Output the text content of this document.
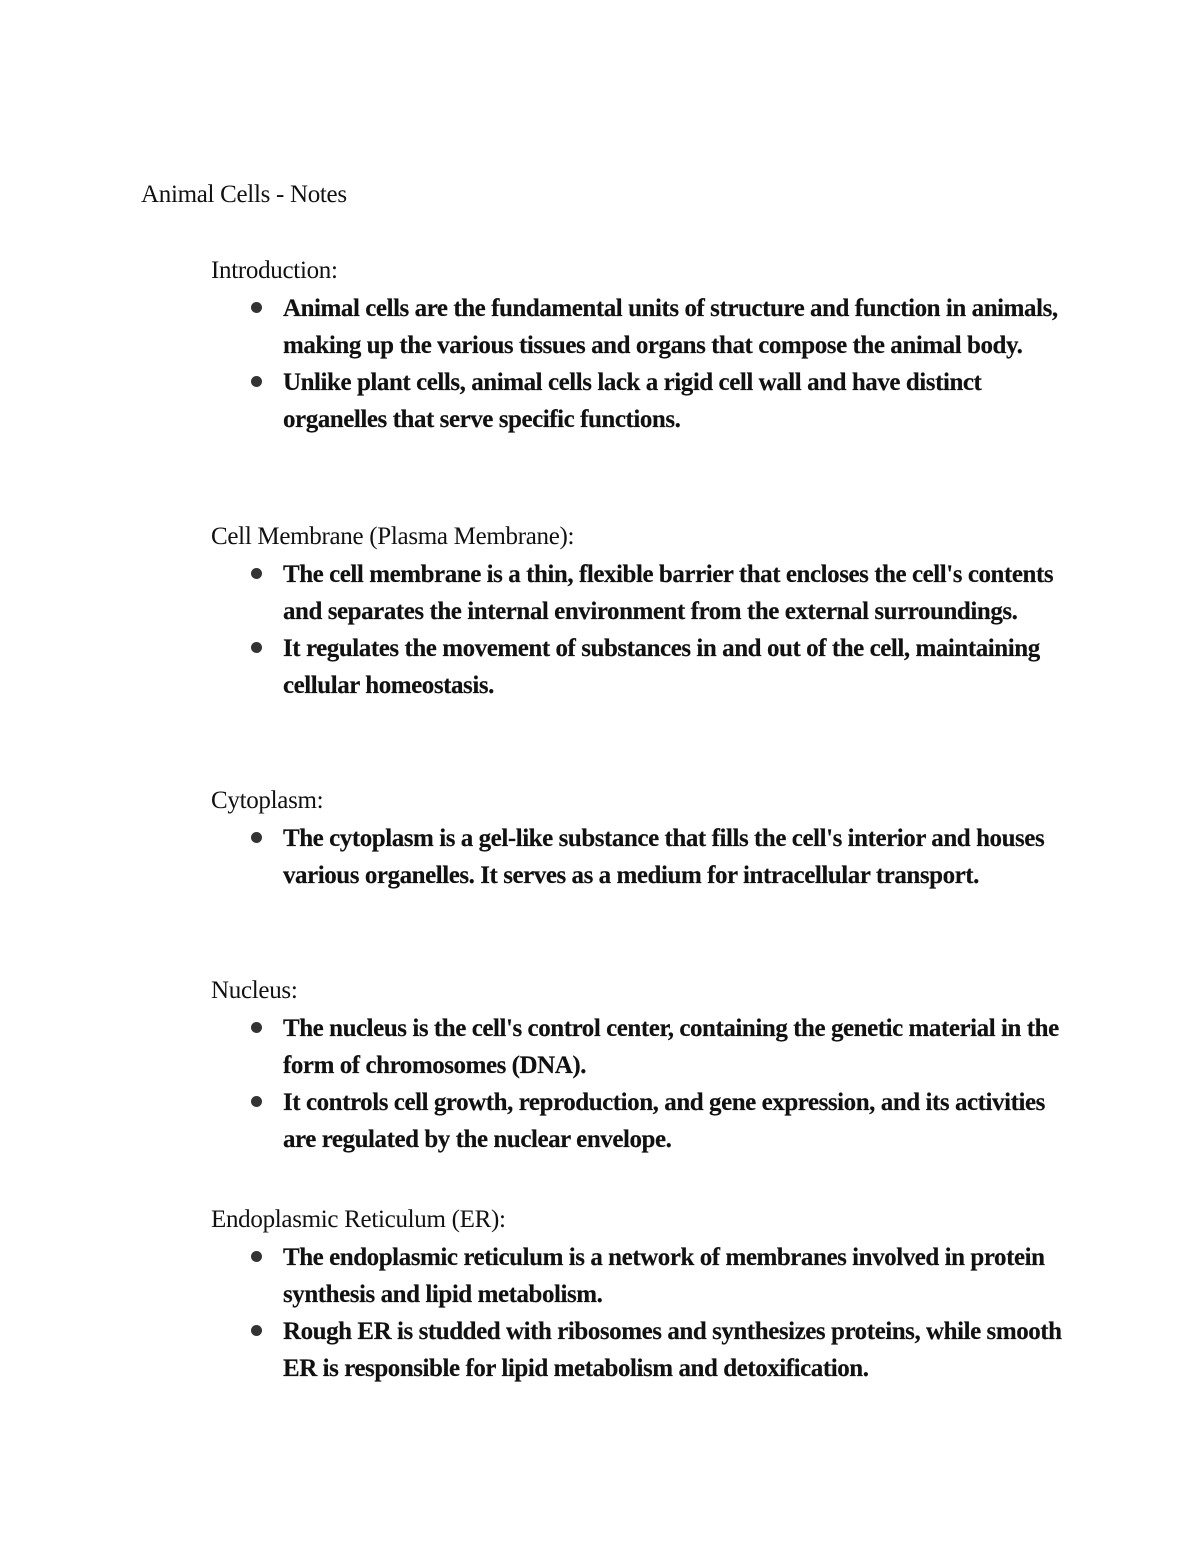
Animal Cells - Notes

Introduction:

Animal cells are the fundamental units of structure and function in animals, making up the various tissues and organs that compose the animal body.
Unlike plant cells, animal cells lack a rigid cell wall and have distinct organelles that serve specific functions.

Cell Membrane (Plasma Membrane):

The cell membrane is a thin, flexible barrier that encloses the cell's contents and separates the internal environment from the external surroundings.
It regulates the movement of substances in and out of the cell, maintaining cellular homeostasis.

Cytoplasm:

The cytoplasm is a gel-like substance that fills the cell's interior and houses various organelles. It serves as a medium for intracellular transport.

Nucleus:

The nucleus is the cell's control center, containing the genetic material in the form of chromosomes (DNA).
It controls cell growth, reproduction, and gene expression, and its activities are regulated by the nuclear envelope.

Endoplasmic Reticulum (ER):

The endoplasmic reticulum is a network of membranes involved in protein synthesis and lipid metabolism.
Rough ER is studded with ribosomes and synthesizes proteins, while smooth ER is responsible for lipid metabolism and detoxification.
